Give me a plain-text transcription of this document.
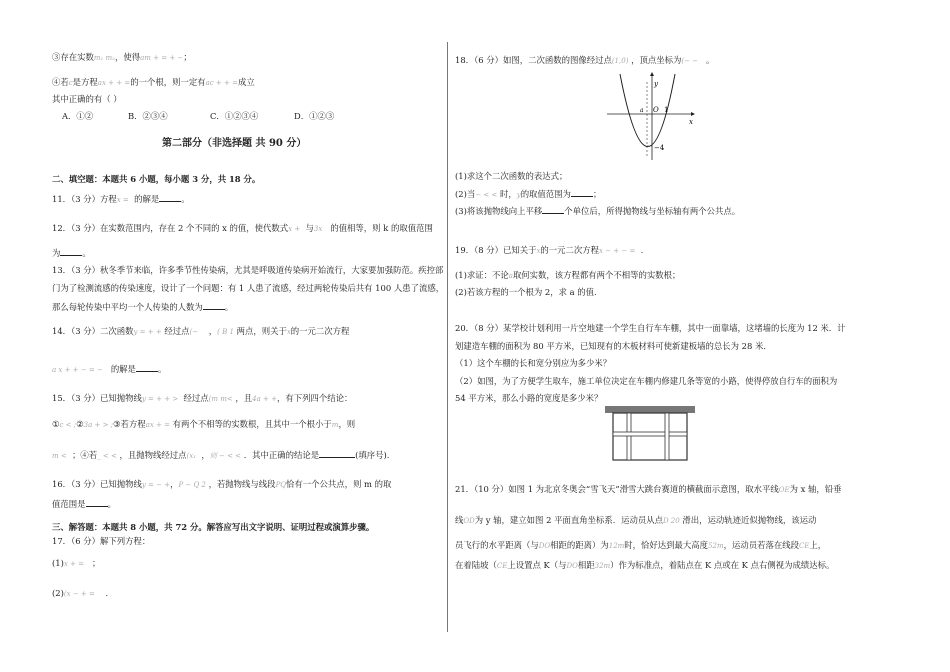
③存在实数m₁ m₂，使得am + = + −；
④若c是方程ax + + =的一个根，则一定有ac + + =成立
其中正确的有（ ）
A．①②	B．②③④	C．①②③④	D．①②③
第二部分（非选择题 共 90 分）
二、填空题：本题共 6 小题，每小题 3 分，共 18 分。
11．（3 分）方程x = 的解是	。
12．（3 分）在实数范围内，存在 2 个不同的 x 的值，使代数式x + 与3x 的值相等，则 k 的取值范围
为	。
13．（3 分）秋冬季节来临，许多季节性传染病，尤其是呼吸道传染病开始流行，大家要加强防范。疾控部
门为了检测流感的传染速度，设计了一个问题：有 1 人患了流感，经过两轮传染后共有 100 人患了流感，
那么每轮传染中平均一个人传染的人数为	。
14．（3 分）二次函数y = + + 经过点(− ，( B 1 两点，则关于x的一元二次方程
a x + + − = − 的解是	。
15．（3 分）已知抛物线y = + + > 经过点(m m< ，且4a + +，有下列四个结论：
①c < ;②3a + > ;③若方程ax + = 有两个不相等的实数根，且其中一个根小于m，则
m < ；④若_ < < ，且抛物线经过点(x₁ ，则 − < < ．其中正确的结论是	(填序号).
16．（3 分）已知抛物线y = − +，P − Q 2 ，若抛物线与线段PQ恰有一个公共点，则 m 的取
值范围是	。
三、解答题：本题共 8 小题，共 72 分。解答应写出文字说明、证明过程或演算步骤。
17．（6 分）解下列方程：
(1)x + = ；
(2)(x − + = ．
18．（6 分）如图，二次函数的图像经过点(1,0) ，顶点坐标为(− − 。
y
x
O 1
−4
a
(1)求这个二次函数的表达式；
(2)当− < < 时，y的取值范围为	；
(3)将该抛物线向上平移	个单位后，所得抛物线与坐标轴有两个公共点。
19．（8 分）已知关于x的一元二次方程x − + − = .
(1)求证：不论a取何实数，该方程都有两个不相等的实数根；
(2)若该方程的一个根为 2，求 a 的值.
20．（8 分）某学校计划利用一片空地建一个学生自行车车棚，其中一面靠墙，这堵墙的长度为 12 米．计
划建造车棚的面积为 80 平方米，已知现有的木板材料可使新建板墙的总长为 28 米．
（1）这个车棚的长和宽分别应为多少米？
（2）如图，为了方便学生取车，施工单位决定在车棚内修建几条等宽的小路，使得停放自行车的面积为
54 平方米，那么小路的宽度是多少米？
21．（10 分）如图 1 为北京冬奥会“雪飞天”滑雪大跳台赛道的横截面示意图，取水平线OE为 x 轴，铅垂
线OD为 y 轴，建立如图 2 平面直角坐标系．运动员从点D 20 滑出，运动轨迹近似抛物线，该运动
员飞行的水平距离（与DO相距的距离）为12m时，恰好达到最大高度52m，运动员若落在线段CE上，
在着陆坡（CE上设置点 K（与DO相距32m）作为标准点，着陆点在 K 点或在 K 点右侧视为成绩达标。
